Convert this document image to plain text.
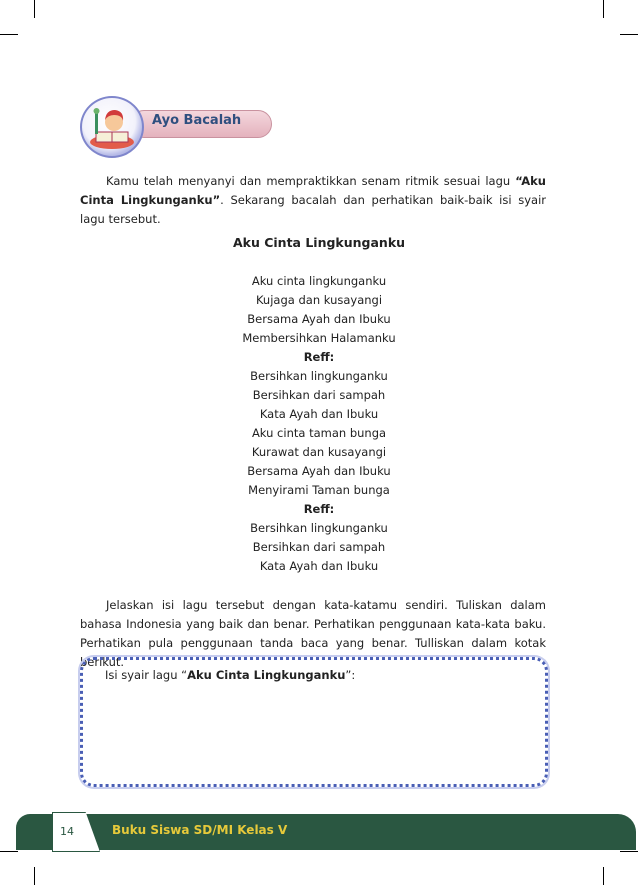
Ayo Bacalah
Kamu telah menyanyi dan mempraktikkan senam ritmik sesuai lagu “Aku Cinta Lingkunganku”. Sekarang bacalah dan perhatikan baik-baik isi syair lagu tersebut.
Aku Cinta Lingkunganku
Aku cinta lingkunganku
Kujaga dan kusayangi
Bersama Ayah dan Ibuku
Membersihkan Halamanku
Reff:
Bersihkan lingkunganku
Bersihkan dari sampah
Kata Ayah dan Ibuku
Aku cinta taman bunga
Kurawat dan kusayangi
Bersama Ayah dan Ibuku
Menyirami Taman bunga
Reff:
Bersihkan lingkunganku
Bersihkan dari sampah
Kata Ayah dan Ibuku
Jelaskan isi lagu tersebut dengan kata-katamu sendiri. Tuliskan dalam bahasa Indonesia yang baik dan benar. Perhatikan penggunaan kata-kata baku. Perhatikan pula penggunaan tanda baca yang benar. Tulliskan dalam kotak berikut.
Isi syair lagu “Aku Cinta Lingkunganku”:
14	Buku Siswa SD/MI Kelas V
